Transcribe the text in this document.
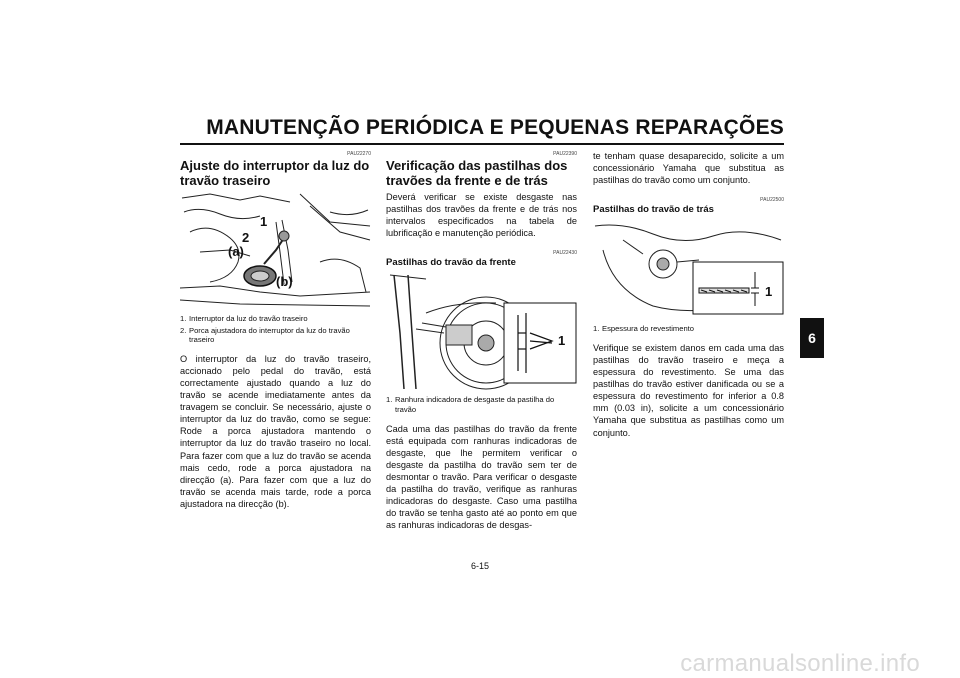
MANUTENÇÃO PERIÓDICA E PEQUENAS REPARAÇÕES
6
PAU22270
Ajuste do interruptor da luz do travão traseiro
1
2
(a)
(b)
1. Interruptor da luz do travão traseiro
2. Porca ajustadora do interruptor da luz do travão traseiro

O interruptor da luz do travão traseiro, accionado pelo pedal do travão, está correctamente ajustado quando a luz do travão se acende imediatamente antes da travagem se concluir. Se necessário, ajuste o interruptor da luz do travão, como se segue: Rode a porca ajustadora mantendo o interruptor da luz do travão traseiro no local. Para fazer com que a luz do travão se acenda mais cedo, rode a porca ajustadora na direcção (a). Para fazer com que a luz do travão se acenda mais tarde, rode a porca ajustadora na direcção (b).

PAU22390
Verificação das pastilhas dos travões da frente e de trás

Deverá verificar se existe desgaste nas pastilhas dos travões da frente e de trás nos intervalos especificados na tabela de lubrificação e manutenção periódica.

PAU22430
Pastilhas do travão da frente
1
1. Ranhura indicadora de desgaste da pastilha do travão

Cada uma das pastilhas do travão da frente está equipada com ranhuras indicadoras de desgaste, que lhe permitem verificar o desgaste da pastilha do travão sem ter de desmontar o travão. Para verificar o desgaste da pastilha do travão, verifique as ranhuras indicadoras do desgaste. Caso uma pastilha do travão se tenha gasto até ao ponto em que as ranhuras indicadoras de desgas-

te tenham quase desaparecido, solicite a um concessionário Yamaha que substitua as pastilhas do travão como um conjunto.

PAU22500
Pastilhas do travão de trás
1
1. Espessura do revestimento

Verifique se existem danos em cada uma das pastilhas do travão traseiro e meça a espessura do revestimento. Se uma das pastilhas do travão estiver danificada ou se a espessura do revestimento for inferior a 0.8 mm (0.03 in), solicite a um concessionário Yamaha que substitua as pastilhas como um conjunto.

6-15
carmanualsonline.info
